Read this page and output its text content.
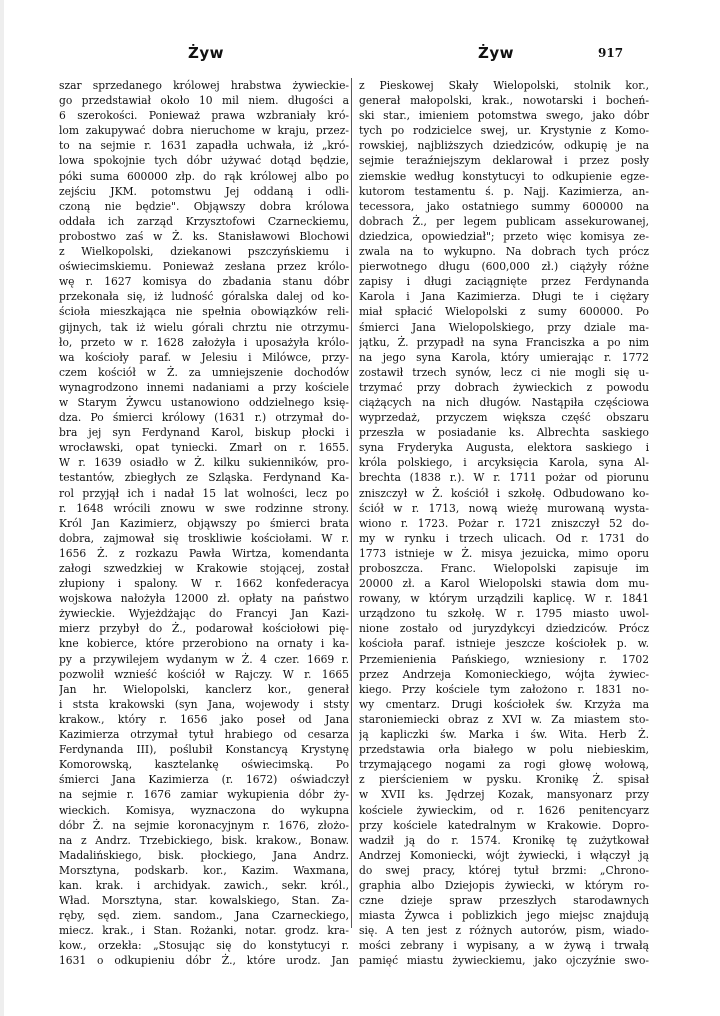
Żyw	Żyw	917
szar sprzedanego królowej hrabstwa żywieckie-
go przedstawiał około 10 mil niem. długości a
6 szerokości. Ponieważ prawa wzbraniały kró-
lom zakupywać dobra nieruchome w kraju, przez-
to na sejmie r. 1631 zapadła uchwała, iż „kró-
lowa spokojnie tych dóbr używać dotąd będzie,
póki suma 600000 złp. do rąk królowej albo po
zejściu JKM. potomstwu Jej oddaną i odli-
czoną nie będzie". Objąwszy dobra królowa
oddała ich zarząd Krzysztofowi Czarneckiemu,
probostwo zaś w Ż. ks. Stanisławowi Blochowi
z Wielkopolski, dziekanowi pszczyńskiemu i
oświecimskiemu. Ponieważ zesłana przez królo-
wę r. 1627 komisya do zbadania stanu dóbr
przekonała się, iż ludność góralska dalej od ko-
ścioła mieszkająca nie spełnia obowiązków reli-
gijnych, tak iż wielu górali chrztu nie otrzymu-
ło, przeto w r. 1628 założyła i uposażyła królo-
wa kościoły paraf. w Jelesiu i Milówce, przy-
czem kościół w Ż. za umniejszenie dochodów
wynagrodzono innemi nadaniami a przy kościele
w Starym Żywcu ustanowiono oddzielnego księ-
dza. Po śmierci królowy (1631 r.) otrzymał do-
bra jej syn Ferdynand Karol, biskup płocki i
wrocławski, opat tyniecki. Zmarł on r. 1655.
W r. 1639 osiadło w Ż. kilku sukienników, pro-
testantów, zbiegłych ze Szląska. Ferdynand Ka-
rol przyjął ich i nadał 15 lat wolności, lecz po
r. 1648 wrócili znowu w swe rodzinne strony.
Król Jan Kazimierz, objąwszy po śmierci brata
dobra, zajmował się troskliwie kościołami. W r.
1656 Ż. z rozkazu Pawła Wirtza, komendanta
załogi szwedzkiej w Krakowie stojącej, został
złupiony i spalony. W r. 1662 konfederacya
wojskowa nałożyła 12000 zł. opłaty na państwo
żywieckie. Wyjeżdżając do Francyi Jan Kazi-
mierz przybył do Ż., podarował kościołowi pię-
kne kobierce, które przerobiono na ornaty i ka-
py a przywilejem wydanym w Ż. 4 czer. 1669 r.
pozwolił wznieść kościół w Rajczy. W r. 1665
Jan hr. Wielopolski, kanclerz kor., generał
i ststa krakowski (syn Jana, wojewody i ststy
krakow., który r. 1656 jako poseł od Jana
Kazimierza otrzymał tytuł hrabiego od cesarza
Ferdynanda III), poślubił Konstancyą Krystynę
Komorowską, kasztelankę oświecimską. Po
śmierci Jana Kazimierza (r. 1672) oświadczył
na sejmie r. 1676 zamiar wykupienia dóbr ży-
wieckich. Komisya, wyznaczona do wykupna
dóbr Ż. na sejmie koronacyjnym r. 1676, złożo-
na z Andrz. Trzebickiego, bisk. krakow., Bonaw.
Madalińskiego, bisk. płockiego, Jana Andrz.
Morsztyna, podskarb. kor., Kazim. Waxmana,
kan. krak. i archidyak. zawich., sekr. król.,
Wład. Morsztyna, star. kowalskiego, Stan. Za-
ręby, sęd. ziem. sandom., Jana Czarneckiego,
miecz. krak., i Stan. Rożanki, notar. grodz. kra-
kow., orzekła: „Stosując się do konstytucyi r.
1631 o odkupieniu dóbr Ż., które urodz. Jan
z Pieskowej Skały Wielopolski, stolnik kor.,
generał małopolski, krak., nowotarski i bocheń-
ski star., imieniem potomstwa swego, jako dóbr
tych po rodzicielce swej, ur. Krystynie z Komo-
rowskiej, najbliższych dziedziców, odkupię je na
sejmie teraźniejszym deklarował i przez posły
ziemskie według konstytucyi to odkupienie egze-
kutorom testamentu ś. p. Najj. Kazimierza, an-
tecessora, jako ostatniego summy 600000 na
dobrach Ż., per legem publicam assekurowanej,
dziedzica, opowiedział"; przeto więc komisya ze-
zwala na to wykupno. Na dobrach tych prócz
pierwotnego długu (600,000 zł.) ciążyły różne
zapisy i długi zaciągnięte przez Ferdynanda
Karola i Jana Kazimierza. Długi te i ciężary
miał spłacić Wielopolski z sumy 600000. Po
śmierci Jana Wielopolskiego, przy dziale ma-
jątku, Ż. przypadł na syna Franciszka a po nim
na jego syna Karola, który umierając r. 1772
zostawił trzech synów, lecz ci nie mogli się u-
trzymać przy dobrach żywieckich z powodu
ciążących na nich długów. Nastąpiła częściowa
wyprzedaż, przyczem większa część obszaru
przeszła w posiadanie ks. Albrechta saskiego
syna Fryderyka Augusta, elektora saskiego i
króla polskiego, i arcyksięcia Karola, syna Al-
brechta (1838 r.). W r. 1711 pożar od piorunu
zniszczył w Ż. kościół i szkołę. Odbudowano ko-
ściół w r. 1713, nową wieżę murowaną wysta-
wiono r. 1723. Pożar r. 1721 zniszczył 52 do-
my w rynku i trzech ulicach. Od r. 1731 do
1773 istnieje w Ż. misya jezuicka, mimo oporu
proboszcza. Franc. Wielopolski zapisuje im
20000 zł. a Karol Wielopolski stawia dom mu-
rowany, w którym urządzili kaplicę. W r. 1841
urządzono tu szkołę. W r. 1795 miasto uwol-
nione zostało od juryzdykcyi dziedziców. Prócz
kościoła paraf. istnieje jeszcze kościołek p. w.
Przemienienia Pańskiego, wzniesiony r. 1702
przez Andrzeja Komonieckiego, wójta żywiec-
kiego. Przy kościele tym założono r. 1831 no-
wy cmentarz. Drugi kościołek św. Krzyża ma
staroniemiecki obraz z XVI w. Za miastem sto-
ją kapliczki św. Marka i św. Wita. Herb Ż.
przedstawia orła białego w polu niebieskim,
trzymającego nogami za rogi głowę wołową,
z pierścieniem w pysku. Kronikę Ż. spisał
w XVII ks. Jędrzej Kozak, mansyonarz przy
kościele żywieckim, od r. 1626 penitencyarz
przy kościele katedralnym w Krakowie. Dopro-
wadził ją do r. 1574. Kronikę tę zużytkował
Andrzej Komoniecki, wójt żywiecki, i włączył ją
do swej pracy, której tytuł brzmi: „Chrono-
graphia albo Dziejopis żywiecki, w którym ro-
czne dzieje spraw przeszłych starodawnych
miasta Żywca i poblizkich jego miejsc znajdują
się. A ten jest z różnych autorów, pism, wiado-
mości zebrany i wypisany, a w żywą i trwałą
pamięć miastu żywieckiemu, jako ojczyźnie swo-
